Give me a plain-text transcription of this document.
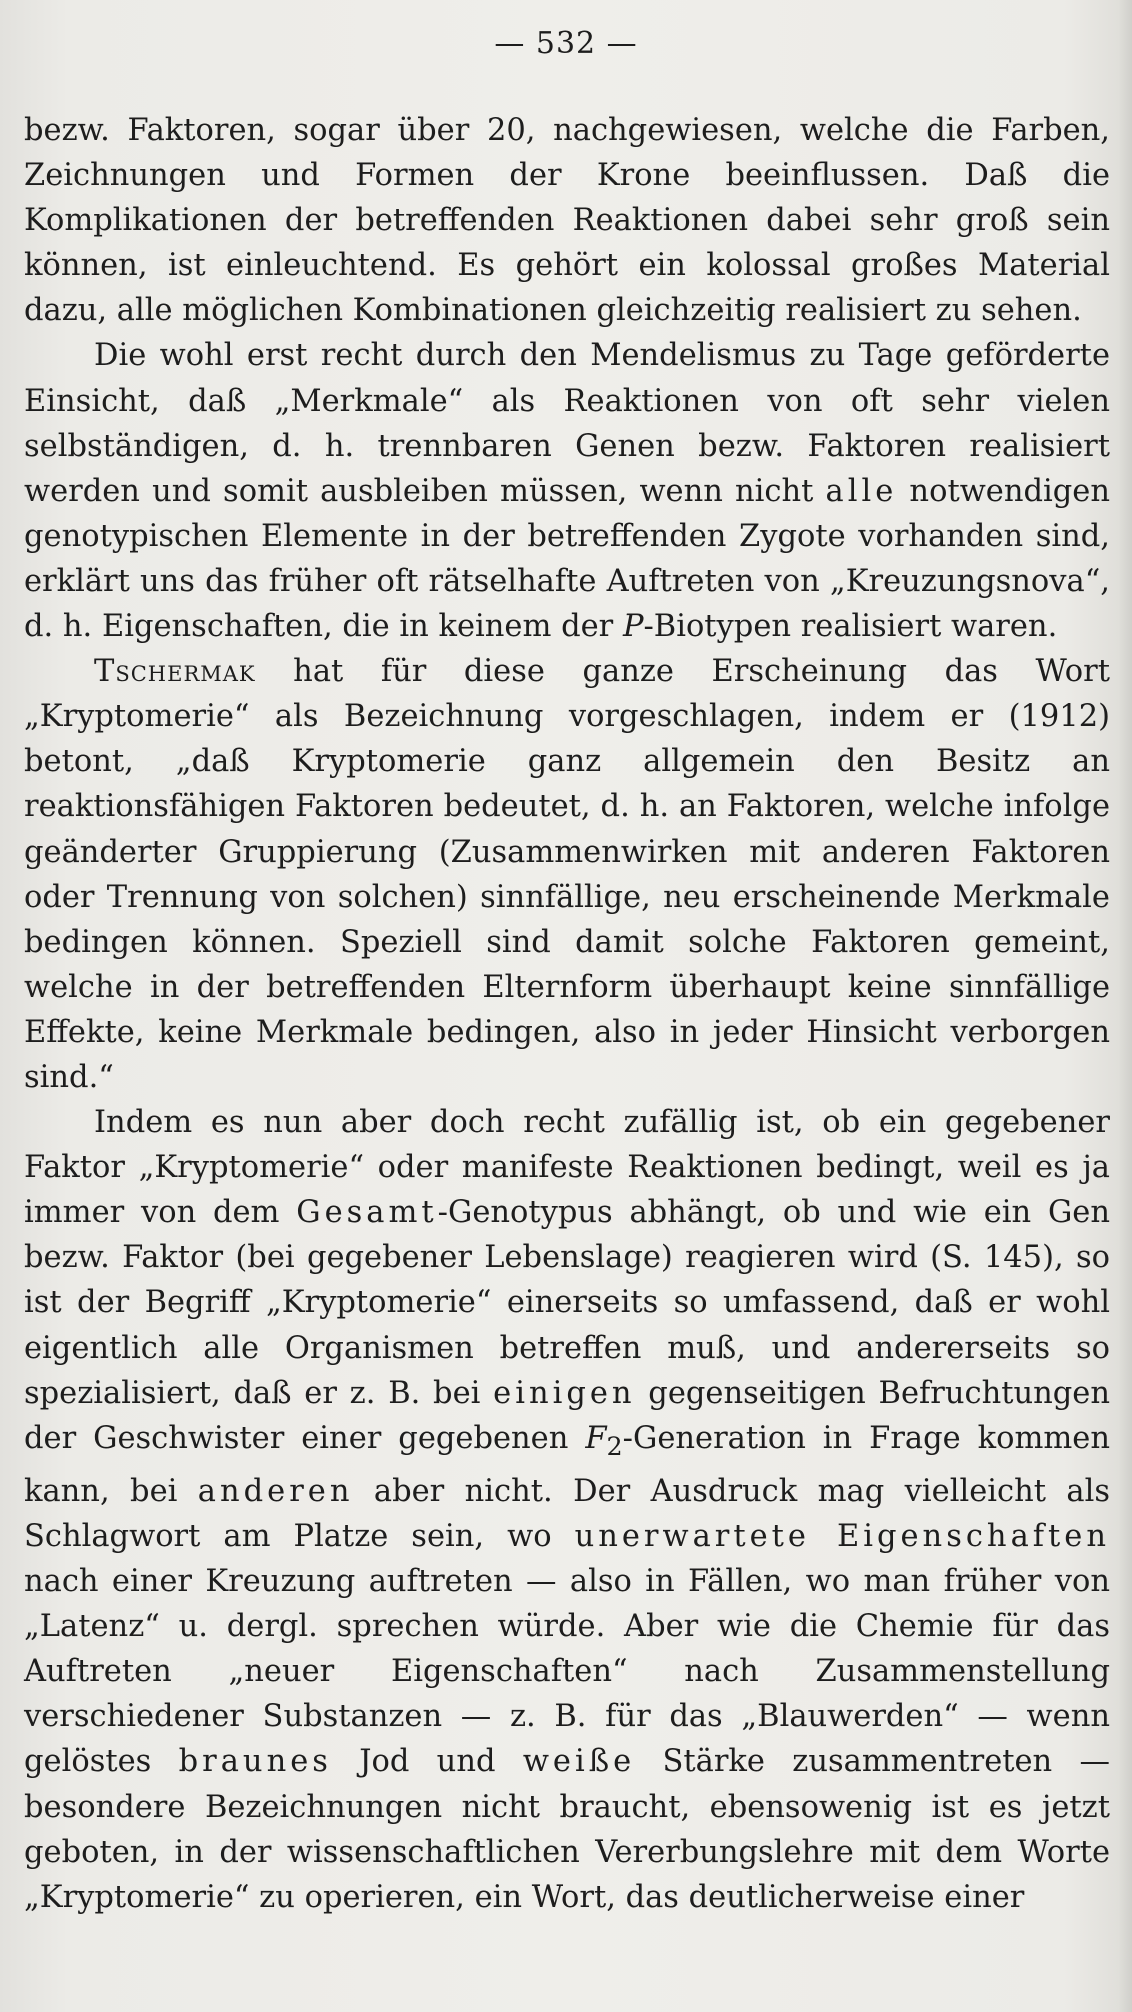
— 532 —

bezw. Faktoren, sogar über 20, nachgewiesen, welche die Farben, Zeichnungen und Formen der Krone beeinflussen. Daß die Komplikationen der betreffenden Reaktionen dabei sehr groß sein können, ist einleuchtend. Es gehört ein kolossal großes Material dazu, alle möglichen Kombinationen gleichzeitig realisiert zu sehen.

Die wohl erst recht durch den Mendelismus zu Tage geförderte Einsicht, daß „Merkmale“ als Reaktionen von oft sehr vielen selbständigen, d. h. trennbaren Genen bezw. Faktoren realisiert werden und somit ausbleiben müssen, wenn nicht alle notwendigen genotypischen Elemente in der betreffenden Zygote vorhanden sind, erklärt uns das früher oft rätselhafte Auftreten von „Kreuzungsnova“, d. h. Eigenschaften, die in keinem der P-Biotypen realisiert waren.

Tschermak hat für diese ganze Erscheinung das Wort „Kryptomerie“ als Bezeichnung vorgeschlagen, indem er (1912) betont, „daß Kryptomerie ganz allgemein den Besitz an reaktionsfähigen Faktoren bedeutet, d. h. an Faktoren, welche infolge geänderter Gruppierung (Zusammenwirken mit anderen Faktoren oder Trennung von solchen) sinnfällige, neu erscheinende Merkmale bedingen können. Speziell sind damit solche Faktoren gemeint, welche in der betreffenden Elternform überhaupt keine sinnfällige Effekte, keine Merkmale bedingen, also in jeder Hinsicht verborgen sind.“

Indem es nun aber doch recht zufällig ist, ob ein gegebener Faktor „Kryptomerie“ oder manifeste Reaktionen bedingt, weil es ja immer von dem Gesamt-Genotypus abhängt, ob und wie ein Gen bezw. Faktor (bei gegebener Lebenslage) reagieren wird (S. 145), so ist der Begriff „Kryptomerie“ einerseits so umfassend, daß er wohl eigentlich alle Organismen betreffen muß, und andererseits so spezialisiert, daß er z. B. bei einigen gegenseitigen Befruchtungen der Geschwister einer gegebenen $F_2$-Generation in Frage kommen kann, bei anderen aber nicht. Der Ausdruck mag vielleicht als Schlagwort am Platze sein, wo unerwartete Eigenschaften nach einer Kreuzung auftreten — also in Fällen, wo man früher von „Latenz“ u. dergl. sprechen würde. Aber wie die Chemie für das Auftreten „neuer Eigenschaften“ nach Zusammenstellung verschiedener Substanzen — z. B. für das „Blauwerden“ — wenn gelöstes braunes Jod und weiße Stärke zusammentreten — besondere Bezeichnungen nicht braucht, ebensowenig ist es jetzt geboten, in der wissenschaftlichen Vererbungslehre mit dem Worte „Kryptomerie“ zu operieren, ein Wort, das deutlicherweise einer
